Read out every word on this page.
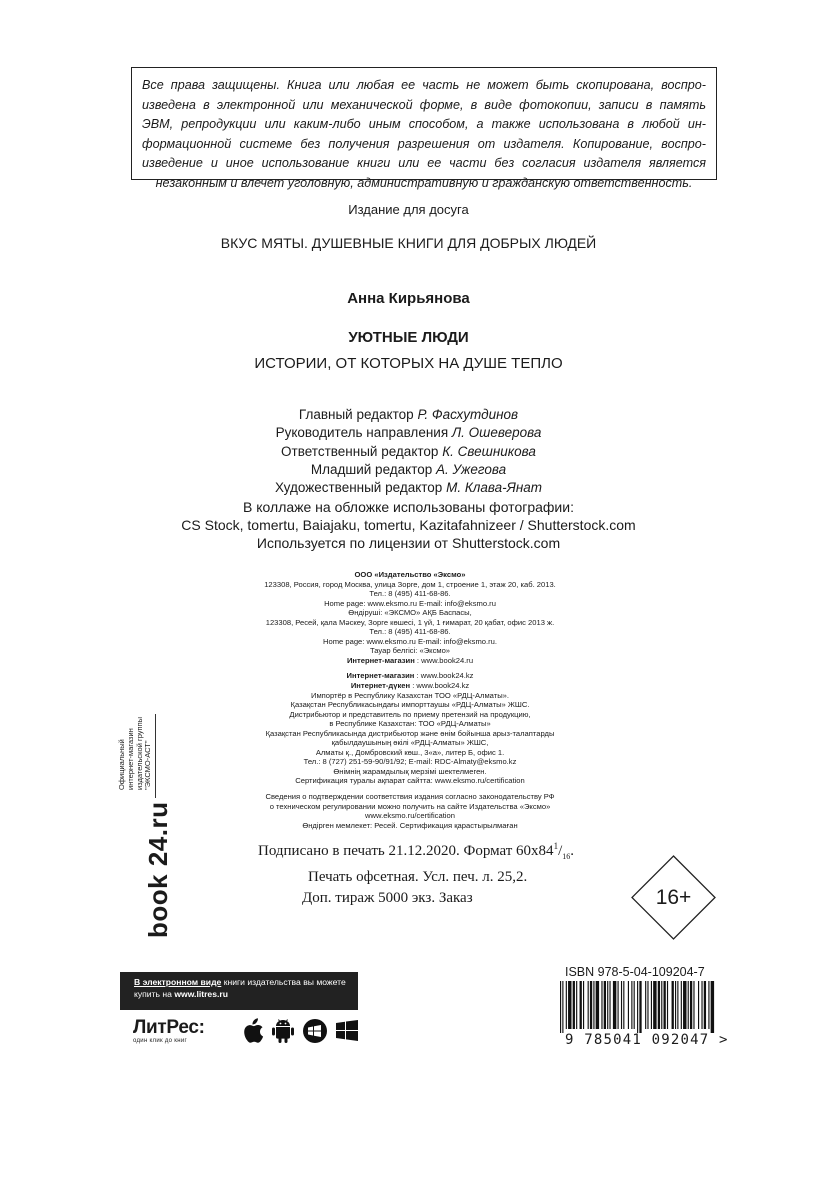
Все права защищены. Книга или любая ее часть не может быть скопирована, воспро-
изведена в электронной или механической форме, в виде фотокопии, записи в память
ЭВМ, репродукции или каким-либо иным способом, а также использована в любой ин-
формационной системе без получения разрешения от издателя. Копирование, воспро-
изведение и иное использование книги или ее части без согласия издателя является
незаконным и влечет уголовную, административную и гражданскую ответственность.
Издание для досуга
ВКУС МЯТЫ. ДУШЕВНЫЕ КНИГИ ДЛЯ ДОБРЫХ ЛЮДЕЙ
Анна Кирьянова
УЮТНЫЕ ЛЮДИ
ИСТОРИИ, ОТ КОТОРЫХ НА ДУШЕ ТЕПЛО
Главный редактор Р. Фасхутдинов
Руководитель направления Л. Ошеверова
Ответственный редактор К. Свешникова
Младший редактор А. Ужегова
Художественный редактор М. Клава-Янат
В коллаже на обложке использованы фотографии:
CS Stock, tomertu, Baiajaku, tomertu, Kazitafahnizeer / Shutterstock.com
Используется по лицензии от Shutterstock.com
ООО «Издательство «Эксмо»
123308, Россия, город Москва, улица Зорге, дом 1, строение 1, этаж 20, каб. 2013.
Тел.: 8 (495) 411-68-86.
Home page: www.eksmo.ru E-mail: info@eksmo.ru
Өндіруші: «ЭКСМО» АҚБ Баспасы,
123308, Ресей, қала Мәскеу, Зорге көшесі, 1 үй, 1 ғимарат, 20 қабат, офис 2013 ж.
Тел.: 8 (495) 411-68-86.
Home page: www.eksmo.ru E-mail: info@eksmo.ru.
Тауар белгісі: «Эксмо»
Интернет-магазин : www.book24.ru
Интернет-магазин : www.book24.kz
Интернет-дүкен : www.book24.kz
Импортёр в Республику Казахстан ТОО «РДЦ-Алматы».
Қазақстан Республикасындағы импорттаушы «РДЦ-Алматы» ЖШС.
Дистрибьютор и представитель по приему претензий на продукцию,
в Республике Казахстан: ТОО «РДЦ-Алматы»
Қазақстан Республикасында дистрибьютор және өнім бойынша арыз-талаптарды
қабылдаушының өкілі «РДЦ-Алматы» ЖШС,
Алматы қ., Домбровский көш., 3«а», литер Б, офис 1.
Тел.: 8 (727) 251-59-90/91/92; E-mail: RDC-Almaty@eksmo.kz
Өнімнің жарамдылық мерзімі шектелмеген.
Сертификация туралы ақпарат сайтта: www.eksmo.ru/certification
Сведения о подтверждении соответствия издания согласно законодательству РФ
о техническом регулировании можно получить на сайте Издательства «Эксмо»
www.eksmo.ru/certification
Өндірген мемлекет: Ресей. Сертификация қарастырылмаған
Подписано в печать 21.12.2020. Формат $60x84^1/_{16}$.
Печать офсетная. Усл. печ. л. 25,2.
Доп. тираж 5000 экз. Заказ	16+
Официальный интернет-магазин издательской группы "ЭКСМО-АСТ"
book 24.ru
В электронном виде книги издательства вы можете
купить на www.litres.ru
ЛитРес:
один клик до книг
ISBN 978-5-04-109204-7
9 785041 092047 >
